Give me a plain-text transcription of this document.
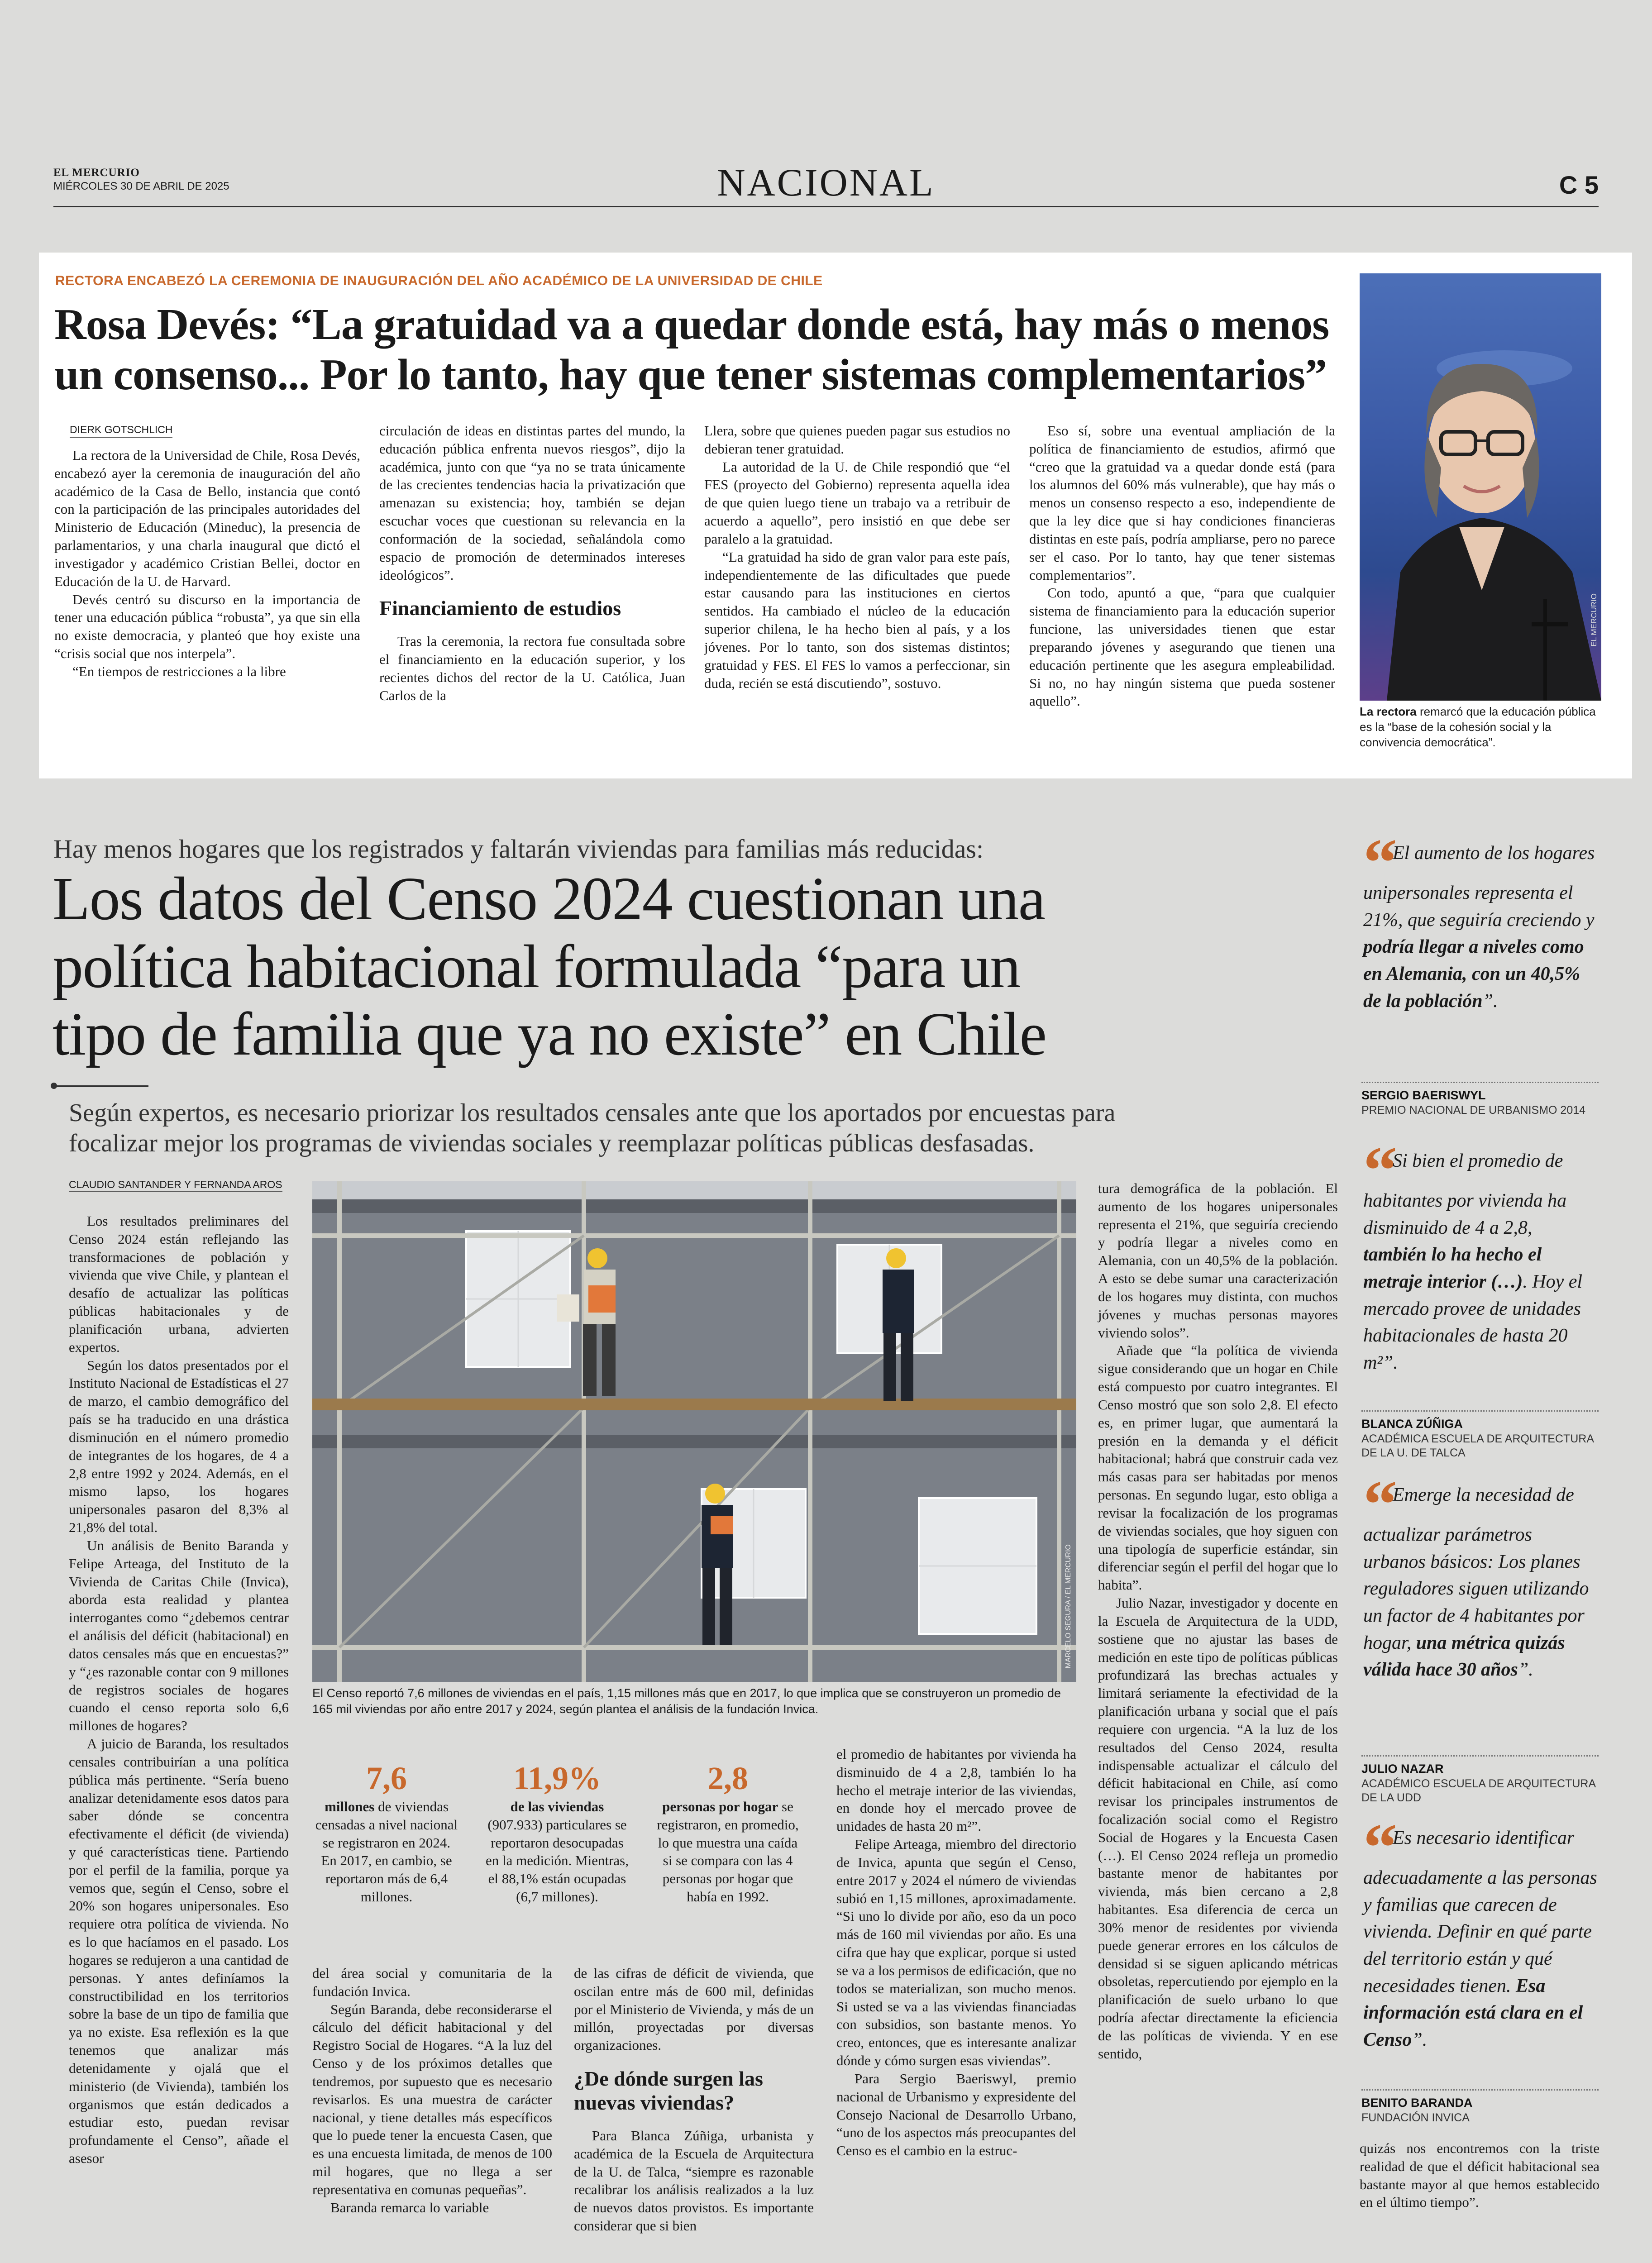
EL MERCURIO
MIÉRCOLES 30 DE ABRIL DE 2025	NACIONAL	C 5
RECTORA ENCABEZÓ LA CEREMONIA DE INAUGURACIÓN DEL AÑO ACADÉMICO DE LA UNIVERSIDAD DE CHILE
Rosa Devés: “La gratuidad va a quedar donde está, hay más o menos
un consenso... Por lo tanto, hay que tener sistemas complementarios”
DIERK GOTSCHLICH

La rectora de la Universidad de Chile, Rosa Devés, encabezó ayer la ceremonia de inauguración del año académico de la Casa de Bello, instancia que contó con la participación de las principales autoridades del Ministerio de Educación (Mineduc), la presencia de parlamentarios, y una charla inaugural que dictó el investigador y académico Cristian Bellei, doctor en Educación de la U. de Harvard.

Devés centró su discurso en la importancia de tener una educación pública “robusta”, ya que sin ella no existe democracia, y planteó que hoy existe una “crisis social que nos interpela”.

“En tiempos de restricciones a la libre

circulación de ideas en distintas partes del mundo, la educación pública enfrenta nuevos riesgos”, dijo la académica, junto con que “ya no se trata únicamente de las crecientes tendencias hacia la privatización que amenazan su existencia; hoy, también se dejan escuchar voces que cuestionan su relevancia en la conformación de la sociedad, señalándola como espacio de promoción de determinados intereses ideológicos”.

Financiamiento de estudios

Tras la ceremonia, la rectora fue consultada sobre el financiamiento en la educación superior, y los recientes dichos del rector de la U. Católica, Juan Carlos de la

Llera, sobre que quienes pueden pagar sus estudios no debieran tener gratuidad.

La autoridad de la U. de Chile respondió que “el FES (proyecto del Gobierno) representa aquella idea de que quien luego tiene un trabajo va a retribuir de acuerdo a aquello”, pero insistió en que debe ser paralelo a la gratuidad.

“La gratuidad ha sido de gran valor para este país, independientemente de las dificultades que puede estar causando para las instituciones en ciertos sentidos. Ha cambiado el núcleo de la educación superior chilena, le ha hecho bien al país, y a los jóvenes. Por lo tanto, son dos sistemas distintos; gratuidad y FES. El FES lo vamos a perfeccionar, sin duda, recién se está discutiendo”, sostuvo.

Eso sí, sobre una eventual ampliación de la política de financiamiento de estudios, afirmó que “creo que la gratuidad va a quedar donde está (para los alumnos del 60% más vulnerable), que hay más o menos un consenso respecto a eso, independiente de que la ley dice que si hay condiciones financieras distintas en este país, podría ampliarse, pero no parece ser el caso. Por lo tanto, hay que tener sistemas complementarios”.

Con todo, apuntó a que, “para que cualquier sistema de financiamiento para la educación superior funcione, las universidades tienen que estar preparando jóvenes y asegurando que tienen una educación pertinente que les asegura empleabilidad. Si no, no hay ningún sistema que pueda sostener aquello”.

EL MERCURIO
La rectora remarcó que la educación pública es la “base de la cohesión social y la convivencia democrática”.
Hay menos hogares que los registrados y faltarán viviendas para familias más reducidas:
Los datos del Censo 2024 cuestionan una
política habitacional formulada “para un
tipo de familia que ya no existe” en Chile
Según expertos, es necesario priorizar los resultados censales ante que los aportados por encuestas para
focalizar mejor los programas de viviendas sociales y reemplazar políticas públicas desfasadas.
CLAUDIO SANTANDER Y FERNANDA AROS

Los resultados preliminares del Censo 2024 están reflejando las transformaciones de población y vivienda que vive Chile, y plantean el desafío de actualizar las políticas públicas habitacionales y de planificación urbana, advierten expertos.

Según los datos presentados por el Instituto Nacional de Estadísticas el 27 de marzo, el cambio demográfico del país se ha traducido en una drástica disminución en el número promedio de integrantes de los hogares, de 4 a 2,8 entre 1992 y 2024. Además, en el mismo lapso, los hogares unipersonales pasaron del 8,3% al 21,8% del total.

Un análisis de Benito Baranda y Felipe Arteaga, del Instituto de la Vivienda de Caritas Chile (Invica), aborda esta realidad y plantea interrogantes como “¿debemos centrar el análisis del déficit (habitacional) en datos censales más que en encuestas?” y “¿es razonable contar con 9 millones de registros sociales de hogares cuando el censo reporta solo 6,6 millones de hogares?

A juicio de Baranda, los resultados censales contribuirían a una política pública más pertinente. “Sería bueno analizar detenidamente esos datos para saber dónde se concentra efectivamente el déficit (de vivienda) y qué características tiene. Partiendo por el perfil de la familia, porque ya vemos que, según el Censo, sobre el 20% son hogares unipersonales. Eso requiere otra política de vivienda. No es lo que hacíamos en el pasado. Los hogares se redujeron a una cantidad de personas. Y antes definíamos la constructibilidad en los territorios sobre la base de un tipo de familia que ya no existe. Esa reflexión es la que tenemos que analizar más detenidamente y ojalá que el ministerio (de Vivienda), también los organismos que están dedicados a estudiar esto, puedan revisar profundamente el Censo”, añade el asesor

MARCELO SEGURA / EL MERCURIO
El Censo reportó 7,6 millones de viviendas en el país, 1,15 millones más que en 2017, lo que implica que se construyeron un promedio de 165 mil viviendas por año entre 2017 y 2024, según plantea el análisis de la fundación Invica.
7,6
millones de viviendas censadas a nivel nacional se registraron en 2024. En 2017, en cambio, se reportaron más de 6,4 millones.
11,9%
de las viviendas (907.933) particulares se reportaron desocupadas en la medición. Mientras, el 88,1% están ocupadas (6,7 millones).
2,8
personas por hogar se registraron, en promedio, lo que muestra una caída si se compara con las 4 personas por hogar que había en 1992.

del área social y comunitaria de la fundación Invica.

Según Baranda, debe reconsiderarse el cálculo del déficit habitacional y del Registro Social de Hogares. “A la luz del Censo y de los próximos detalles que tendremos, por supuesto que es necesario revisarlos. Es una muestra de carácter nacional, y tiene detalles más específicos que lo puede tener la encuesta Casen, que es una encuesta limitada, de menos de 100 mil hogares, que no llega a ser representativa en comunas pequeñas”.

Baranda remarca lo variable

de las cifras de déficit de vivienda, que oscilan entre más de 600 mil, definidas por el Ministerio de Vivienda, y más de un millón, proyectadas por diversas organizaciones.

¿De dónde surgen las nuevas viviendas?

Para Blanca Zúñiga, urbanista y académica de la Escuela de Arquitectura de la U. de Talca, “siempre es razonable recalibrar los análisis realizados a la luz de nuevos datos provistos. Es importante considerar que si bien

el promedio de habitantes por vivienda ha disminuido de 4 a 2,8, también lo ha hecho el metraje interior de las viviendas, en donde hoy el mercado provee de unidades de hasta 20 m²”.

Felipe Arteaga, miembro del directorio de Invica, apunta que según el Censo, entre 2017 y 2024 el número de viviendas subió en 1,15 millones, aproximadamente. “Si uno lo divide por año, eso da un poco más de 160 mil viviendas por año. Es una cifra que hay que explicar, porque si usted se va a los permisos de edificación, que no todos se materializan, son mucho menos. Si usted se va a las viviendas financiadas con subsidios, son bastante menos. Yo creo, entonces, que es interesante analizar dónde y cómo surgen esas viviendas”.

Para Sergio Baeriswyl, premio nacional de Urbanismo y expresidente del Consejo Nacional de Desarrollo Urbano, “uno de los aspectos más preocupantes del Censo es el cambio en la estruc-

tura demográfica de la población. El aumento de los hogares unipersonales representa el 21%, que seguiría creciendo y podría llegar a niveles como en Alemania, con un 40,5% de la población. A esto se debe sumar una caracterización de los hogares muy distinta, con muchos jóvenes y muchas personas mayores viviendo solos”.

Añade que “la política de vivienda sigue considerando que un hogar en Chile está compuesto por cuatro integrantes. El Censo mostró que son solo 2,8. El efecto es, en primer lugar, que aumentará la presión en la demanda y el déficit habitacional; habrá que construir cada vez más casas para ser habitadas por menos personas. En segundo lugar, esto obliga a revisar la focalización de los programas de viviendas sociales, que hoy siguen con una tipología de superficie estándar, sin diferenciar según el perfil del hogar que lo habita”.

Julio Nazar, investigador y docente en la Escuela de Arquitectura de la UDD, sostiene que no ajustar las bases de medición en este tipo de políticas públicas profundizará las brechas actuales y limitará seriamente la efectividad de la planificación urbana y social que el país requiere con urgencia. “A la luz de los resultados del Censo 2024, resulta indispensable actualizar el cálculo del déficit habitacional en Chile, así como revisar los principales instrumentos de focalización social como el Registro Social de Hogares y la Encuesta Casen (…). El Censo 2024 refleja un promedio bastante menor de habitantes por vivienda, más bien cercano a 2,8 habitantes. Esa diferencia de cerca un 30% menor de residentes por vivienda puede generar errores en los cálculos de densidad si se siguen aplicando métricas obsoletas, repercutiendo por ejemplo en la planificación de suelo urbano lo que podría afectar directamente la eficiencia de las políticas de vivienda. Y en ese sentido,

quizás nos encontremos con la triste realidad de que el déficit habitacional sea bastante mayor al que hemos establecido en el último tiempo”.

“El aumento de los hogares unipersonales representa el 21%, que seguiría creciendo y podría llegar a niveles como en Alemania, con un 40,5% de la población”.
SERGIO BAERISWYL
PREMIO NACIONAL DE URBANISMO 2014
“Si bien el promedio de habitantes por vivienda ha disminuido de 4 a 2,8, también lo ha hecho el metraje interior (…). Hoy el mercado provee de unidades habitacionales de hasta 20 m²”.
BLANCA ZÚÑIGA
ACADÉMICA ESCUELA DE ARQUITECTURA DE LA U. DE TALCA
“Emerge la necesidad de actualizar parámetros urbanos básicos: Los planes reguladores siguen utilizando un factor de 4 habitantes por hogar, una métrica quizás válida hace 30 años”.
JULIO NAZAR
ACADÉMICO ESCUELA DE ARQUITECTURA DE LA UDD
“Es necesario identificar adecuadamente a las personas y familias que carecen de vivienda. Definir en qué parte del territorio están y qué necesidades tienen. Esa información está clara en el Censo”.
BENITO BARANDA
FUNDACIÓN INVICA
